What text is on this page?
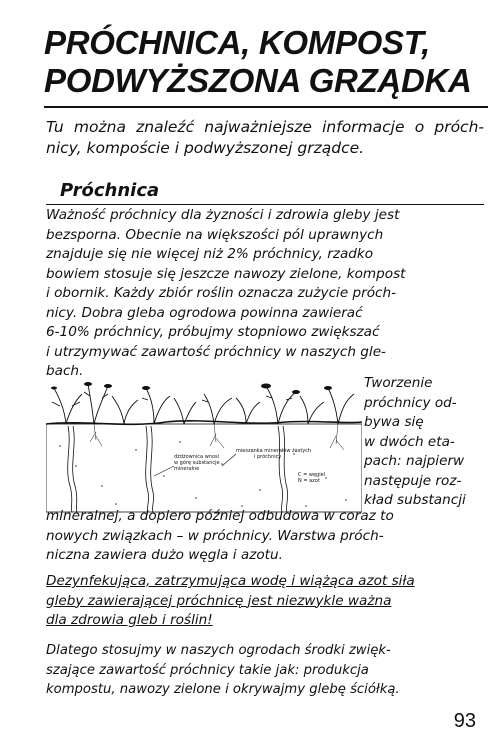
PRÓCHNICA, KOMPOST,
PODWYŻSZONA GRZĄDKA

Tu można znaleźć najważniejsze informacje o próch- nicy, kompoście i podwyższonej grządce.

Próchnica

Ważność próchnicy dla żyzności i zdrowia gleby jest
bezsporna. Obecnie na większości pól uprawnych
znajduje się nie więcej niż 2% próchnicy, rzadko
bowiem stosuje się jeszcze nawozy zielone, kompost
i obornik. Każdy zbiór roślin oznacza zużycie próch-
nicy. Dobra gleba ogrodowa powinna zawierać
6-10% próchnicy, próbujmy stopniowo zwiększać
i utrzymywać zawartość próchnicy w naszych gle-
bach.

dżdżownica wnosi
w górę substancje
mineralne
mieszanka minerałów żastych
i próchnicy
C = węgiel
N = azot

Tworzenie
próchnicy od-
bywa się
w dwóch eta-
pach: najpierw
następuje roz-
kład substancji

mineralnej, a dopiero później odbudowa w coraz to
nowych związkach – w próchnicy. Warstwa próch-
niczna zawiera dużo węgla i azotu.

Dezynfekująca, zatrzymująca wodę i wiążąca azot siła
gleby zawierającej próchnicę jest niezwykle ważna
dla zdrowia gleb i roślin!

Dlatego stosujmy w naszych ogrodach środki zwięk-
szające zawartość próchnicy takie jak: produkcja
kompostu, nawozy zielone i okrywajmy glebę ściółką.

93
